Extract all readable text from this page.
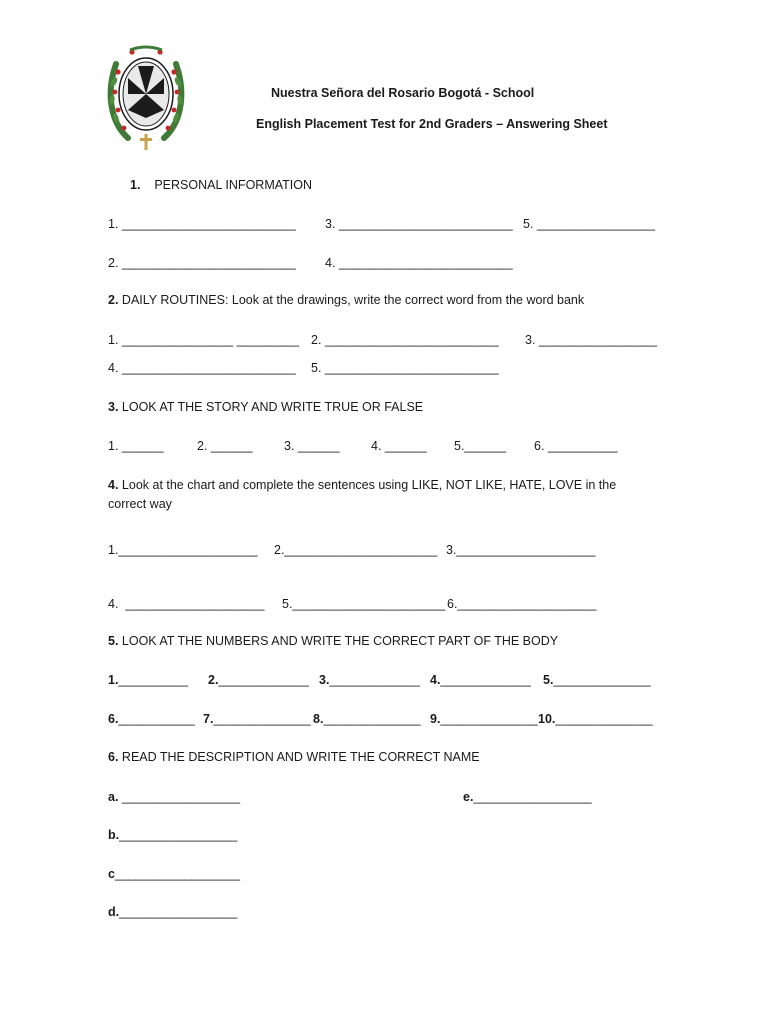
Nuestra Señora del Rosario Bogotá - School
English Placement Test for 2nd Graders – Answering Sheet
1. PERSONAL INFORMATION
1. _________________________ 3. _________________________ 5. _________________
2. _________________________ 4. _________________________
2. DAILY ROUTINES: Look at the drawings, write the correct word from the word bank
1. ________________ _________ 2. _________________________ 3. _________________
4. _________________________ 5. _________________________
3. LOOK AT THE STORY AND WRITE TRUE OR FALSE
1. ______	2. ______	3. ______	4. ______ 5.______ 6. __________
4. Look at the chart and complete the sentences using LIKE, NOT LIKE, HATE, LOVE in the
correct way
1.____________________ 2.______________________ 3.____________________
4.  ____________________ 5.______________________ 6.____________________
5. LOOK AT THE NUMBERS AND WRITE THE CORRECT PART OF THE BODY
1.__________ 2._____________ 3._____________ 4._____________ 5.______________
6.___________ 7.______________ 8.______________ 9.______________ 10.______________
6. READ THE DESCRIPTION AND WRITE THE CORRECT NAME
a. _________________	e._________________
b._________________
c__________________
d._________________
